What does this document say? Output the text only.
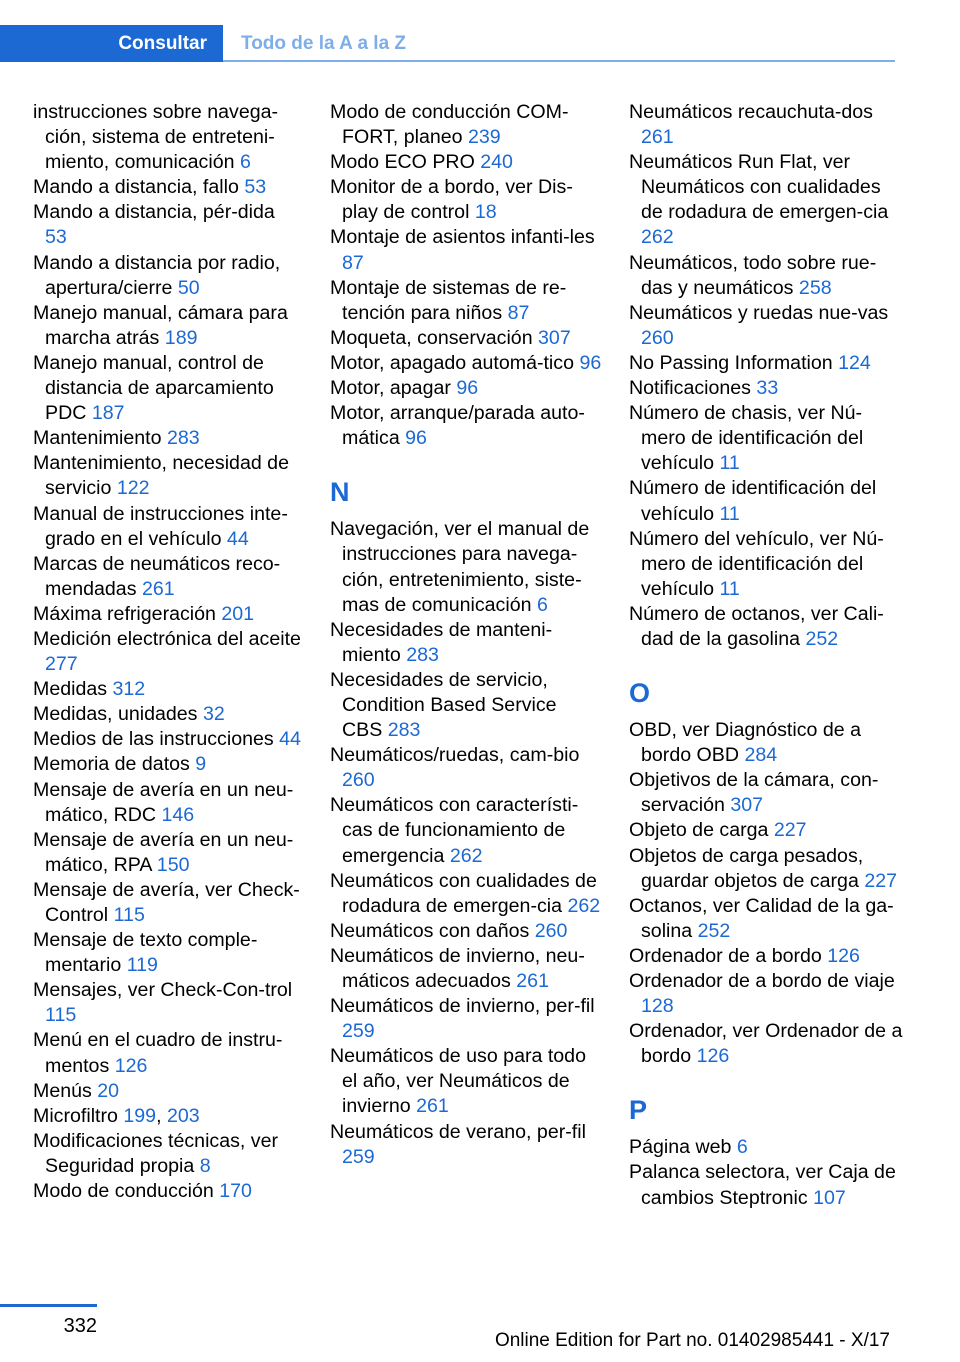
Consultar	Todo de la A a la Z
instrucciones sobre navega‐ción, sistema de entreteni‐miento, comunicación 6
Mando a distancia, fallo 53
Mando a distancia, pér‐dida 53
Mando a distancia por radio, apertura/cierre 50
Manejo manual, cámara para marcha atrás 189
Manejo manual, control de distancia de aparcamiento PDC 187
Mantenimiento 283
Mantenimiento, necesidad de servicio 122
Manual de instrucciones inte‐grado en el vehículo 44
Marcas de neumáticos reco‐mendadas 261
Máxima refrigeración 201
Medición electrónica del aceite 277
Medidas 312
Medidas, unidades 32
Medios de las instrucciones 44
Memoria de datos 9
Mensaje de avería en un neu‐mático, RDC 146
Mensaje de avería en un neu‐mático, RPA 150
Mensaje de avería, ver Check-Control 115
Mensaje de texto comple‐mentario 119
Mensajes, ver Check-Con‐trol 115
Menú en el cuadro de instru‐mentos 126
Menús 20
Microfiltro 199, 203
Modificaciones técnicas, ver Seguridad propia 8
Modo de conducción 170
Modo de conducción COM‐FORT, planeo 239
Modo ECO PRO 240
Monitor de a bordo, ver Dis‐play de control 18
Montaje de asientos infanti‐les 87
Montaje de sistemas de re‐tención para niños 87
Moqueta, conservación 307
Motor, apagado automá‐tico 96
Motor, apagar 96
Motor, arranque/parada auto‐mática 96
N
Navegación, ver el manual de instrucciones para navega‐ción, entretenimiento, siste‐mas de comunicación 6
Necesidades de manteni‐miento 283
Necesidades de servicio, Condition Based Service CBS 283
Neumáticos/ruedas, cam‐bio 260
Neumáticos con característi‐cas de funcionamiento de emergencia 262
Neumáticos con cualidades de rodadura de emergen‐cia 262
Neumáticos con daños 260
Neumáticos de invierno, neu‐máticos adecuados 261
Neumáticos de invierno, per‐fil 259
Neumáticos de uso para todo el año, ver Neumáticos de invierno 261
Neumáticos de verano, per‐fil 259
Neumáticos recauchuta‐dos 261
Neumáticos Run Flat, ver Neumáticos con cualidades de rodadura de emergen‐cia 262
Neumáticos, todo sobre rue‐das y neumáticos 258
Neumáticos y ruedas nue‐vas 260
No Passing Information 124
Notificaciones 33
Número de chasis, ver Nú‐mero de identificación del vehículo 11
Número de identificación del vehículo 11
Número del vehículo, ver Nú‐mero de identificación del vehículo 11
Número de octanos, ver Cali‐dad de la gasolina 252
O
OBD, ver Diagnóstico de a bordo OBD 284
Objetivos de la cámara, con‐servación 307
Objeto de carga 227
Objetos de carga pesados, guardar objetos de carga 227
Octanos, ver Calidad de la ga‐solina 252
Ordenador de a bordo 126
Ordenador de a bordo de viaje 128
Ordenador, ver Ordenador de a bordo 126
P
Página web 6
Palanca selectora, ver Caja de cambios Steptronic 107
332
Online Edition for Part no. 01402985441 - X/17
